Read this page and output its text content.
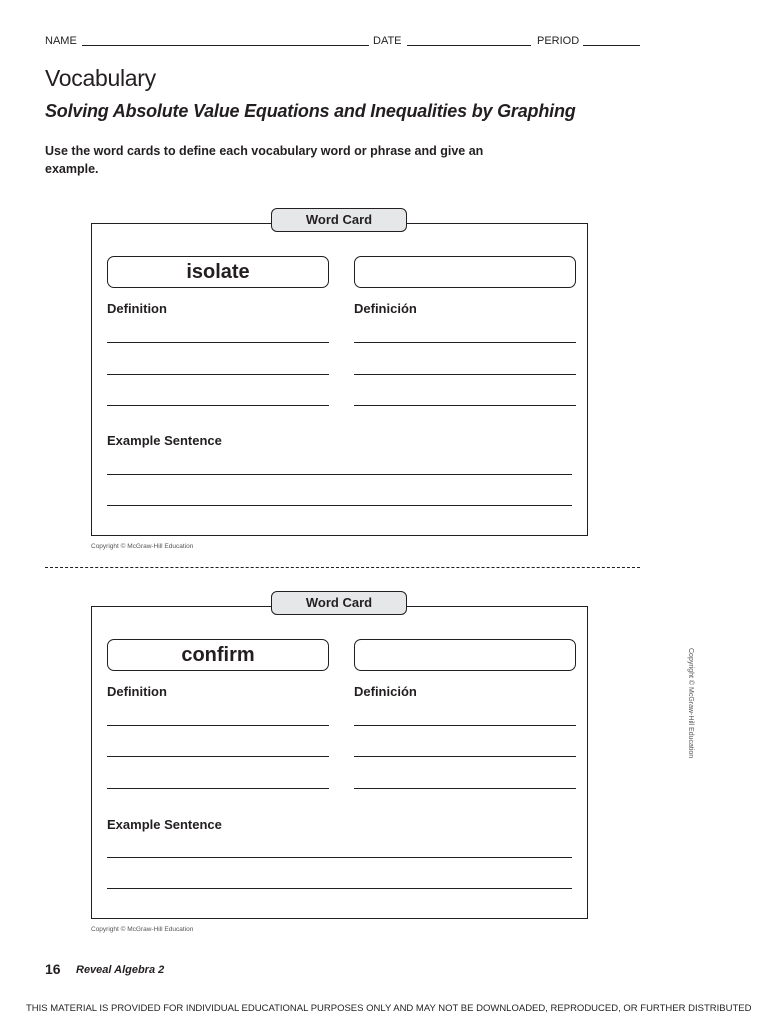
NAME	DATE	PERIOD
Vocabulary
Solving Absolute Value Equations and Inequalities by Graphing
Use the word cards to define each vocabulary word or phrase and give an example.
Word Card
isolate
Definition	Definición
Example Sentence
Copyright © McGraw-Hill Education
Word Card
confirm
Definition	Definición
Example Sentence
Copyright © McGraw-Hill Education
Copyright © McGraw-Hill Education
16 Reveal Algebra 2
THIS MATERIAL IS PROVIDED FOR INDIVIDUAL EDUCATIONAL PURPOSES ONLY AND MAY NOT BE DOWNLOADED, REPRODUCED, OR FURTHER DISTRIBUTED
